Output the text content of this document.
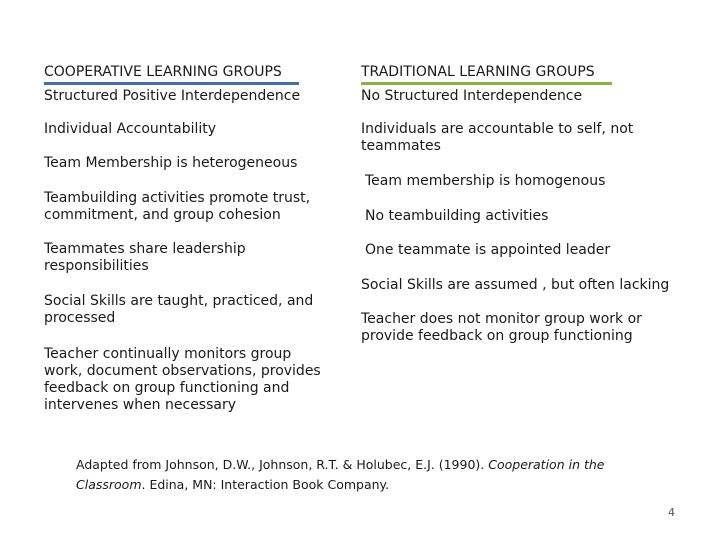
COOPERATIVE LEARNING GROUPS	TRADITIONAL LEARNING GROUPS
Structured Positive Interdependence
Individual Accountability
Team Membership is heterogeneous
Teambuilding activities promote trust,
commitment, and group cohesion
Teammates share leadership
responsibilities
Social Skills are taught, practiced, and
processed
Teacher continually monitors group
work, document observations, provides
feedback on group functioning and
intervenes when necessary
No Structured Interdependence
Individuals are accountable to self, not
teammates
Team membership is homogenous
No teambuilding activities
One teammate is appointed leader
Social Skills are assumed , but often lacking
Teacher does not monitor group work or
provide feedback on group functioning
Adapted from Johnson, D.W., Johnson, R.T. & Holubec, E.J. (1990). Cooperation in the Classroom. Edina, MN: Interaction Book Company.
4
